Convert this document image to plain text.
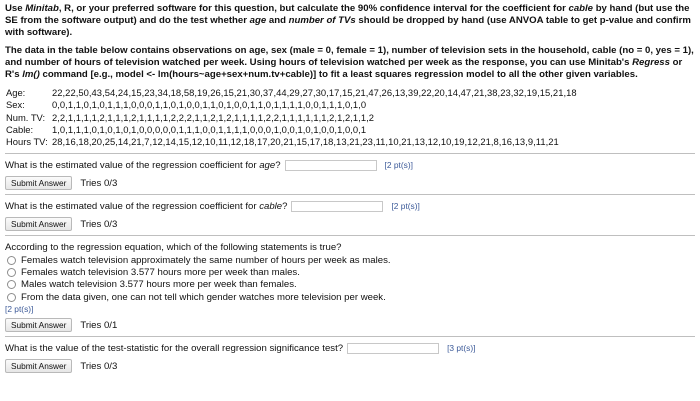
Use Minitab, R, or your preferred software for this question, but calculate the 90% confidence interval for the coefficient for cable by hand (but use the SE from the software output) and do the test whether age and number of TVs should be dropped by hand (use ANVOA table to get p-value and confirm with software).

The data in the table below contains observations on age, sex (male = 0, female = 1), number of television sets in the household, cable (no = 0, yes = 1), and number of hours of television watched per week. Using hours of television watched per week as the response, you can use Minitab's Regress or R's lm() command [e.g., model <- lm(hours~age+sex+num.tv+cable)] to fit a least squares regression model to all the other given variables.

Age:	22,22,50,43,54,24,15,23,34,18,58,19,26,15,21,30,37,44,29,27,30,17,15,21,47,26,13,39,22,20,14,47,21,38,23,32,19,15,21,18
Sex:	0,0,1,1,0,1,0,1,1,1,0,0,0,1,1,0,1,0,0,1,1,0,1,0,0,1,1,0,1,1,1,1,0,0,1,1,1,0,1,0
Num. TV:	2,2,1,1,1,1,2,1,1,1,2,1,1,1,1,2,2,2,1,1,2,1,2,1,1,1,1,2,2,1,1,1,1,1,1,2,1,2,1,1,2
Cable:	1,0,1,1,1,0,1,0,1,0,1,0,0,0,0,0,1,1,1,0,0,1,1,1,1,0,0,0,1,0,0,1,0,1,0,0,1,0,0,1
Hours TV:	28,16,18,20,25,14,21,7,12,14,15,12,10,11,12,18,17,20,21,15,17,18,13,21,23,11,10,21,13,12,10,19,12,21,8,16,13,9,11,21
What is the estimated value of the regression coefficient for age?	[2 pt(s)]
Submit Answer	Tries 0/3
What is the estimated value of the regression coefficient for cable?	[2 pt(s)]
Submit Answer	Tries 0/3
According to the regression equation, which of the following statements is true?
Females watch television approximately the same number of hours per week as males.
Females watch television 3.577 hours more per week than males.
Males watch television 3.577 hours more per week than females.
From the data given, one can not tell which gender watches more television per week.
[2 pt(s)]
Submit Answer	Tries 0/1
What is the value of the test-statistic for the overall regression significance test?	[3 pt(s)]
Submit Answer	Tries 0/3
